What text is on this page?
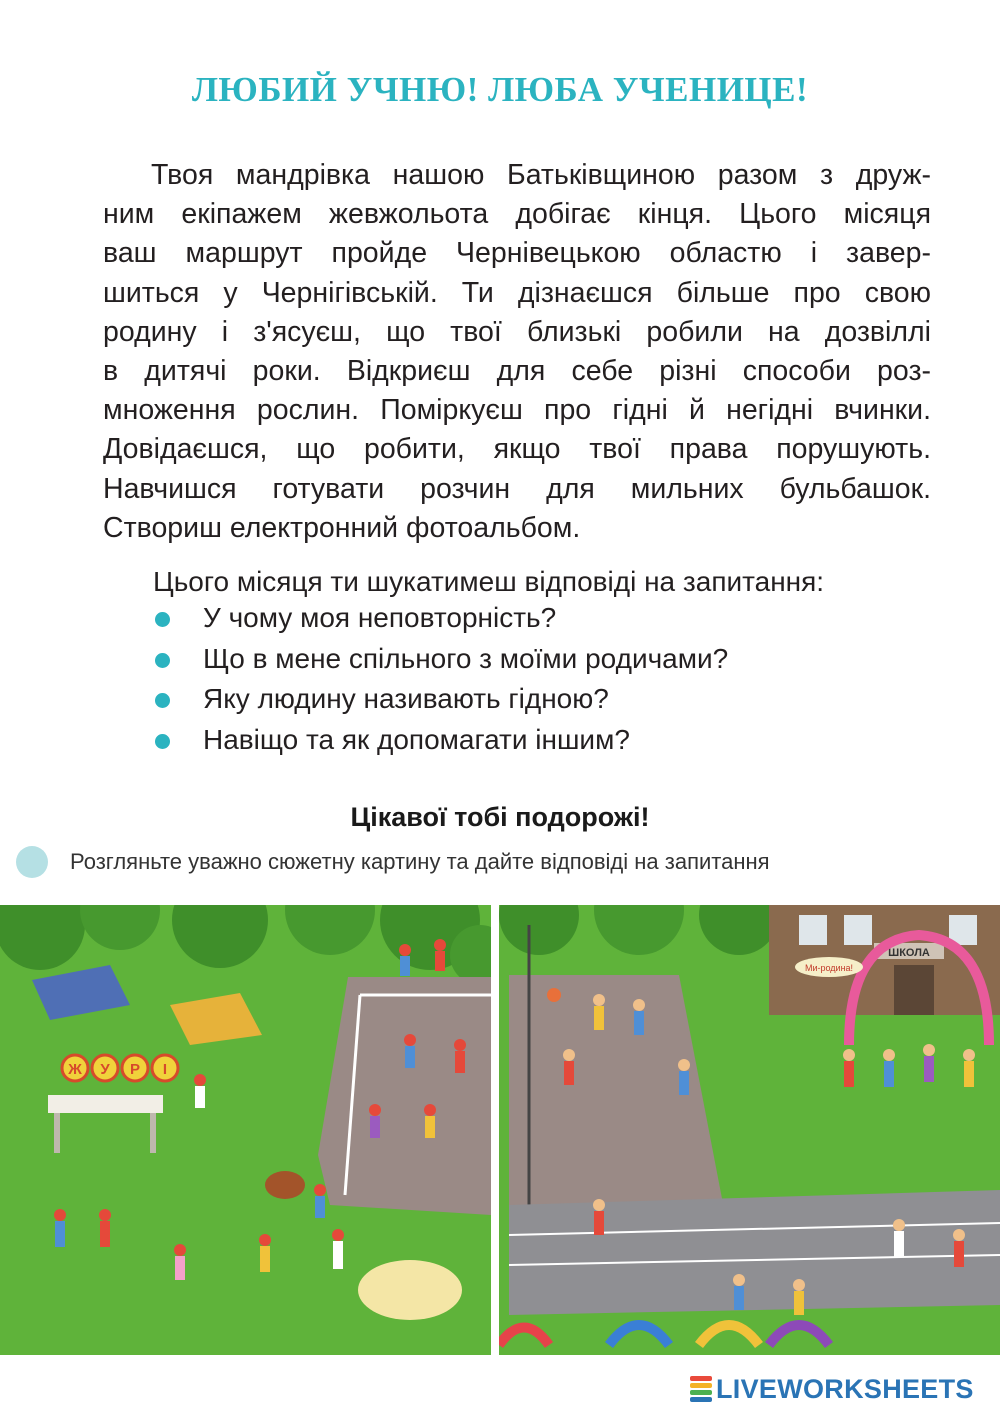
ЛЮБИЙ УЧНЮ! ЛЮБА УЧЕНИЦЕ!
Твоя мандрівка нашою Батьківщиною разом з друж-
ним екіпажем жевжольота добігає кінця. Цього місяця
ваш маршрут пройде Чернівецькою областю і завер-
шиться у Чернігівській. Ти дізнаєшся більше про свою
родину і з'ясуєш, що твої близькі робили на дозвіллі
в дитячі роки. Відкриєш для себе різні способи роз-
множення рослин. Поміркуєш про гідні й негідні вчинки.
Довідаєшся, що робити, якщо твої права порушують.
Навчишся готувати розчин для мильних бульбашок.
Створиш електронний фотоальбом.
Цього місяця ти шукатимеш відповіді на запитання:
У чому моя неповторність?
Що в мене спільного з моїми родичами?
Яку людину називають гідною?
Навіщо та як допомагати іншим?
Цікавої тобі подорожі!
Розгляньте уважно сюжетну картину та дайте відповіді на запитання
Ж У Р І
ШКОЛА
Ми-родина!
LIVEWORKSHEETS
